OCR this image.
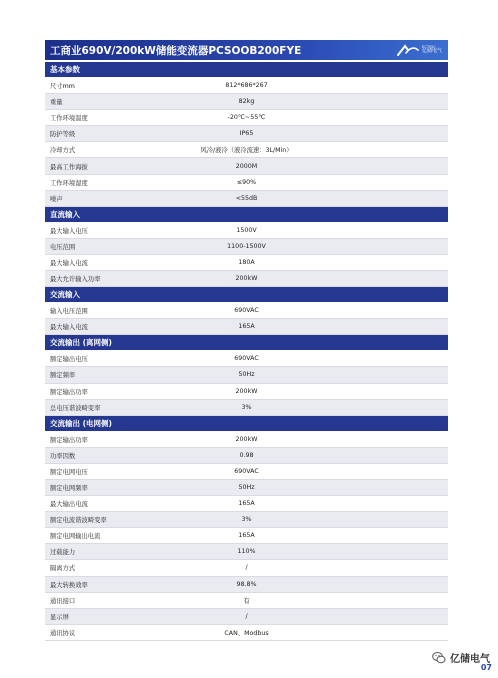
工商业690V/200kW储能变流器PCSOOB200FYE	ECTRIC
亿储电气
基本参数
尺寸mm	812*686*267
重量	82kg
工作环境温度	-20℃~55℃
防护等级	IP65
冷却方式	风冷/液冷（液冷流速：3L/Min）
最高工作海拔	2000M
工作环境湿度	≤90%
噪声	<55dB
直流输入
最大输入电压	1500V
电压范围	1100-1500V
最大输入电流	180A
最大允许输入功率	200kW
交流输入
输入电压范围	690VAC
最大输入电流	165A
交流输出 (离网侧)
额定输出电压	690VAC
额定频率	50Hz
额定输出功率	200kW
总电压谐波畸变率	3%
交流输出 (电网侧)
额定输出功率	200kW
功率因数	0.98
额定电网电压	690VAC
额定电网频率	50Hz
最大输出电流	165A
额定电流谐波畸变率	3%
额定电网输出电流	165A
过载能力	110%
隔离方式	/
最大转换效率	98.8%
通讯接口	有
显示屏	/
通讯协议	CAN、Modbus
亿储电气
07
